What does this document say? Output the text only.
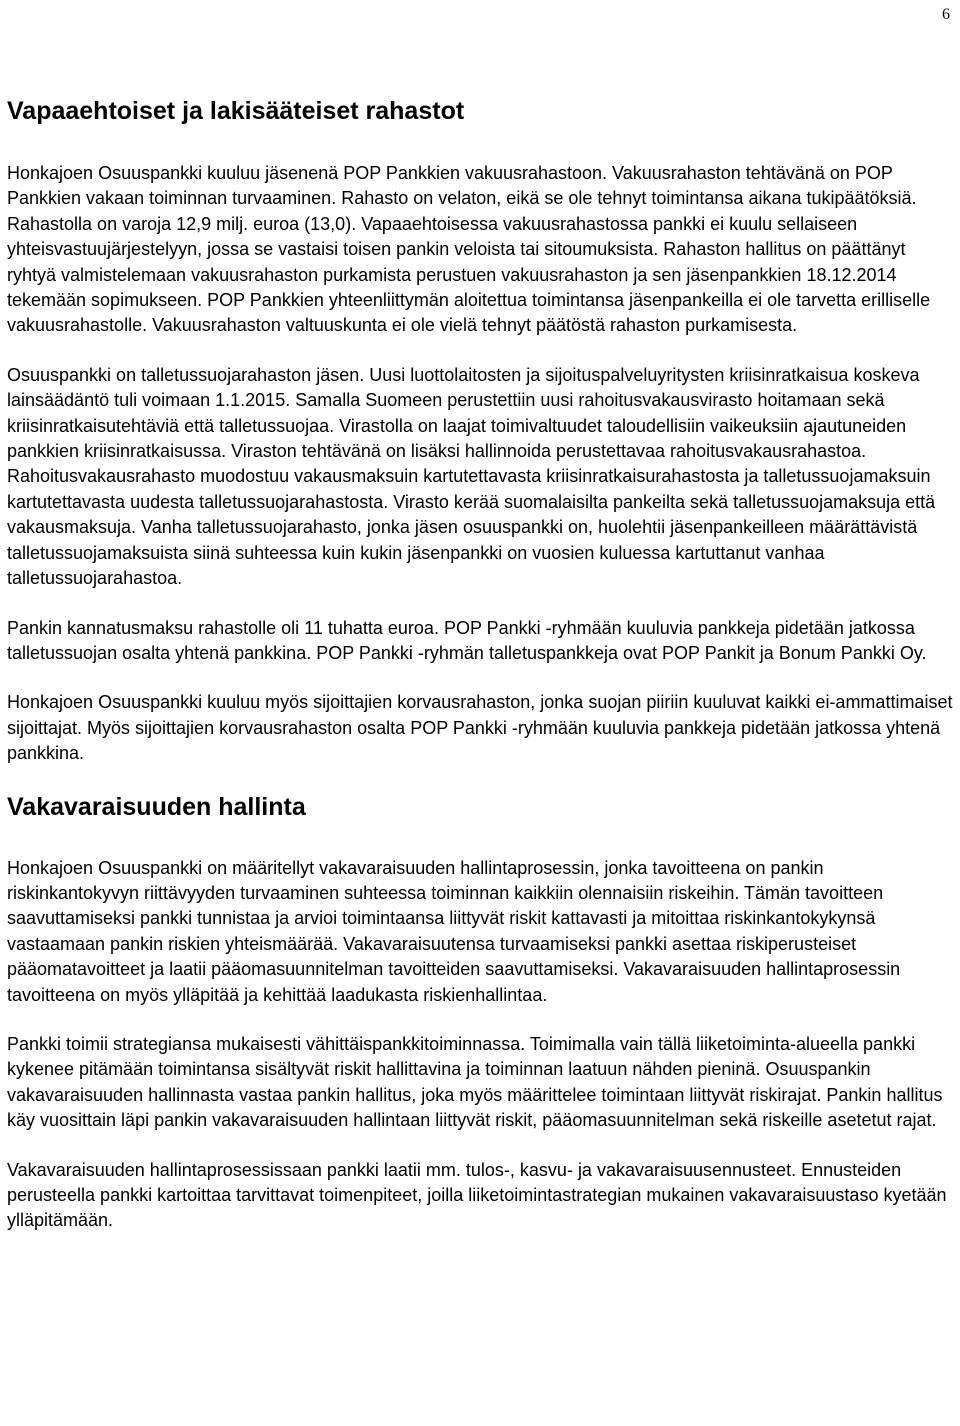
6
Vapaaehtoiset ja lakisääteiset rahastot

Honkajoen Osuuspankki kuuluu jäsenenä POP Pankkien vakuusrahastoon. Vakuusrahaston tehtävänä on POP Pankkien vakaan toiminnan turvaaminen. Rahasto on velaton, eikä se ole tehnyt toimintansa aikana tukipäätöksiä. Rahastolla on varoja 12,9 milj. euroa (13,0). Vapaaehtoisessa vakuusrahastossa pankki ei kuulu sellaiseen yhteisvastuujärjestelyyn, jossa se vastaisi toisen pankin veloista tai sitoumuksista. Rahaston hallitus on päättänyt ryhtyä valmistelemaan vakuusrahaston purkamista perustuen vakuusrahaston ja sen jäsenpankkien 18.12.2014 tekemään sopimukseen. POP Pankkien yhteenliittymän aloitettua toimintansa jäsenpankeilla ei ole tarvetta erilliselle vakuusrahastolle. Vakuusrahaston valtuuskunta ei ole vielä tehnyt päätöstä rahaston purkamisesta.

Osuuspankki on talletussuojarahaston jäsen. Uusi luottolaitosten ja sijoituspalveluyritysten kriisinratkaisua koskeva lainsäädäntö tuli voimaan 1.1.2015. Samalla Suomeen perustettiin uusi rahoitusvakausvirasto hoitamaan sekä kriisinratkaisutehtäviä että talletussuojaa. Virastolla on laajat toimivaltuudet taloudellisiin vaikeuksiin ajautuneiden pankkien kriisinratkaisussa. Viraston tehtävänä on lisäksi hallinnoida perustettavaa rahoitusvakausrahastoa. Rahoitusvakausrahasto muodostuu vakausmaksuin kartutettavasta kriisinratkaisurahastosta ja talletussuojamaksuin kartutettavasta uudesta talletussuojarahastosta. Virasto kerää suomalaisilta pankeilta sekä talletussuojamaksuja että vakausmaksuja. Vanha talletussuojarahasto, jonka jäsen osuuspankki on, huolehtii jäsenpankeilleen määrättävistä talletussuojamaksuista siinä suhteessa kuin kukin jäsenpankki on vuosien kuluessa kartuttanut vanhaa talletussuojarahastoa.

Pankin kannatusmaksu rahastolle oli 11 tuhatta euroa. POP Pankki -ryhmään kuuluvia pankkeja pidetään jatkossa talletussuojan osalta yhtenä pankkina. POP Pankki -ryhmän talletuspankkeja ovat POP Pankit ja Bonum Pankki Oy.

Honkajoen Osuuspankki kuuluu myös sijoittajien korvausrahaston, jonka suojan piiriin kuuluvat kaikki ei-ammattimaiset sijoittajat. Myös sijoittajien korvausrahaston osalta POP Pankki -ryhmään kuuluvia pankkeja pidetään jatkossa yhtenä pankkina.

Vakavaraisuuden hallinta

Honkajoen Osuuspankki on määritellyt vakavaraisuuden hallintaprosessin, jonka tavoitteena on pankin riskinkantokyvyn riittävyyden turvaaminen suhteessa toiminnan kaikkiin olennaisiin riskeihin. Tämän tavoitteen saavuttamiseksi pankki tunnistaa ja arvioi toimintaansa liittyvät riskit kattavasti ja mitoittaa riskinkantokykynsä vastaamaan pankin riskien yhteismäärää. Vakavaraisuutensa turvaamiseksi pankki asettaa riskiperusteiset pääomatavoitteet ja laatii pääomasuunnitelman tavoitteiden saavuttamiseksi. Vakavaraisuuden hallintaprosessin tavoitteena on myös ylläpitää ja kehittää laadukasta riskienhallintaa.

Pankki toimii strategiansa mukaisesti vähittäispankkitoiminnassa. Toimimalla vain tällä liiketoiminta-alueella pankki kykenee pitämään toimintansa sisältyvät riskit hallittavina ja toiminnan laatuun nähden pieninä. Osuuspankin vakavaraisuuden hallinnasta vastaa pankin hallitus, joka myös määrittelee toimintaan liittyvät riskirajat. Pankin hallitus käy vuosittain läpi pankin vakavaraisuuden hallintaan liittyvät riskit, pääomasuunnitelman sekä riskeille asetetut rajat.

Vakavaraisuuden hallintaprosessissaan pankki laatii mm. tulos-, kasvu- ja vakavaraisuusennusteet. Ennusteiden perusteella pankki kartoittaa tarvittavat toimenpiteet, joilla liiketoimintastrategian mukainen vakavaraisuustaso kyetään ylläpitämään.
